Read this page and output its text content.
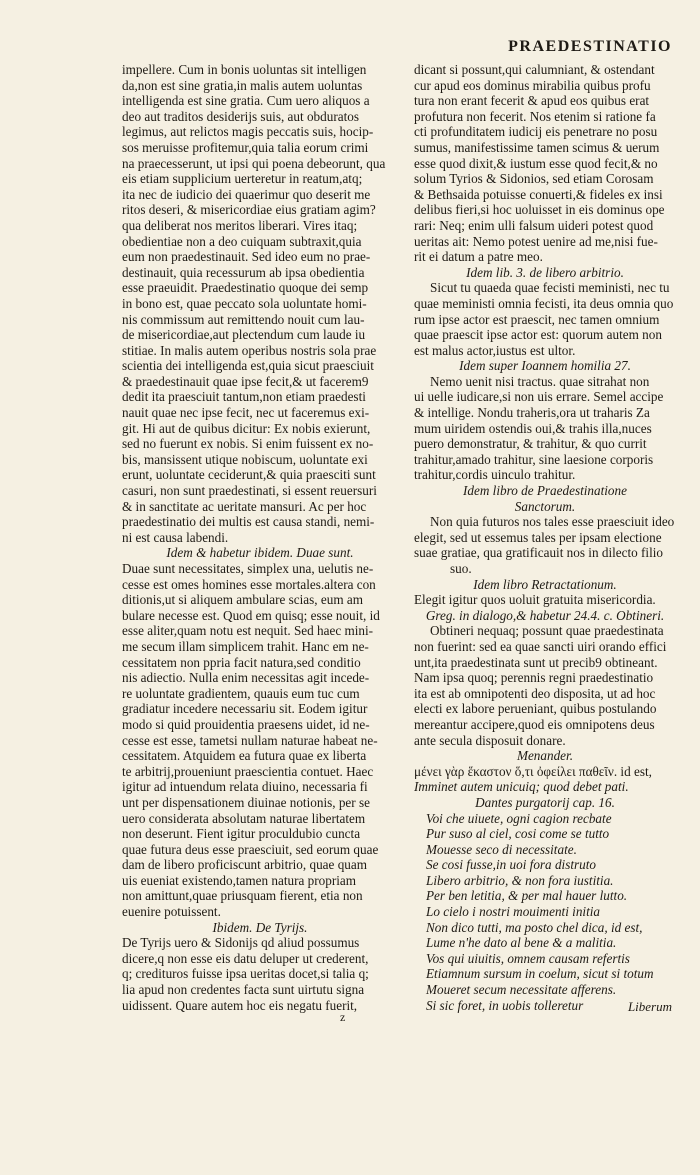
PRAEDESTINATIO
impellere. Cum in bonis uoluntas sit intelligen
da,non est sine gratia,in malis autem uoluntas
intelligenda est sine gratia. Cum uero aliquos a
deo aut traditos desiderijs suis, aut obduratos
legimus, aut relictos magis peccatis suis, hocip-
sos meruisse profitemur,quia talia eorum crimi
na praecesserunt, ut ipsi qui poena debeorunt, qua
eis etiam supplicium uerteretur in reatum,atq;
ita nec de iudicio dei quaerimur quo deserit me
ritos deseri, & misericordiae eius gratiam agim?
qua deliberat nos meritos liberari. Vires itaq;
obedientiae non a deo cuiquam subtraxit,quia
eum non praedestinauit. Sed ideo eum no prae-
destinauit, quia recessurum ab ipsa obedientia
esse praeuidit. Praedestinatio quoque dei semp
in bono est, quae peccato sola uoluntate homi-
nis commissum aut remittendo nouit cum lau-
de misericordiae,aut plectendum cum laude iu
stitiae. In malis autem operibus nostris sola prae
scientia dei intelligenda est,quia sicut praesciuit
& praedestinauit quae ipse fecit,& ut facerem9
dedit ita praesciuit tantum,non etiam praedesti
nauit quae nec ipse fecit, nec ut faceremus exi-
git. Hi aut de quibus dicitur: Ex nobis exierunt,
sed no fuerunt ex nobis. Si enim fuissent ex no-
bis, mansissent utique nobiscum, uoluntate exi
erunt, uoluntate ceciderunt,& quia praesciti sunt
casuri, non sunt praedestinati, si essent reuersuri
& in sanctitate ac ueritate mansuri. Ac per hoc
praedestinatio dei multis est causa standi, nemi-
ni est causa labendi.
Idem & habetur ibidem. Duae sunt.
Duae sunt necessitates, simplex una, uelutis ne-
cesse est omes homines esse mortales.altera con
ditionis,ut si aliquem ambulare scias, eum am
bulare necesse est. Quod em quisq; esse nouit, id
esse aliter,quam notu est nequit. Sed haec mini-
me secum illam simplicem trahit. Hanc em ne-
cessitatem non ppria facit natura,sed conditio
nis adiectio. Nulla enim necessitas agit incede-
re uoluntate gradientem, quauis eum tuc cum
gradiatur incedere necessariu sit. Eodem igitur
modo si quid prouidentia praesens uidet, id ne-
cesse est esse, tametsi nullam naturae habeat ne-
cessitatem. Atquidem ea futura quae ex liberta
te arbitrij,proueniunt praescientia contuet. Haec
igitur ad intuendum relata diuino, necessaria fi
unt per dispensationem diuinae notionis, per se
uero considerata absolutam naturae libertatem
non deserunt. Fient igitur proculdubio cuncta
quae futura deus esse praesciuit, sed eorum quae
dam de libero proficiscunt arbitrio, quae quam
uis eueniat existendo,tamen natura propriam
non amittunt,quae priusquam fierent, etia non
euenire potuissent.
Ibidem. De Tyrijs.
De Tyrijs uero & Sidonijs qd aliud possumus
dicere,q non esse eis datu deluper ut crederent,
q; credituros fuisse ipsa ueritas docet,si talia q;
lia apud non credentes facta sunt uirtutu signa
uidissent. Quare autem hoc eis negatu fuerit,
dicant si possunt,qui calumniant, & ostendant
cur apud eos dominus mirabilia quibus profu
tura non erant fecerit & apud eos quibus erat
profutura non fecerit. Nos etenim si ratione fa
cti profunditatem iudicij eis penetrare no posu
sumus, manifestissime tamen scimus & uerum
esse quod dixit,& iustum esse quod fecit,& no
solum Tyrios & Sidonios, sed etiam Corosam
& Bethsaida potuisse conuerti,& fideles ex insi
delibus fieri,si hoc uoluisset in eis dominus ope
rari: Neq; enim ulli falsum uideri potest quod
ueritas ait: Nemo potest uenire ad me,nisi fue-
rit ei datum a patre meo.
Idem lib. 3. de libero arbitrio.
Sicut tu quaeda quae fecisti meministi, nec tu
quae meministi omnia fecisti, ita deus omnia quo
rum ipse actor est praescit, nec tamen omnium
quae praescit ipse actor est: quorum autem non
est malus actor,iustus est ultor.
Idem super Ioannem homilia 27.
Nemo uenit nisi tractus. quae sitrahat non
ui uelle iudicare,si non uis errare. Semel accipe
& intellige. Nondu traheris,ora ut traharis Za
mum uiridem ostendis oui,& trahis illa,nuces
puero demonstratur, & trahitur, & quo currit
trahitur,amado trahitur, sine laesione corporis
trahitur,cordis uinculo trahitur.
Idem libro de Praedestinatione
Sanctorum.
Non quia futuros nos tales esse praesciuit ideo
elegit, sed ut essemus tales per ipsam electione
suae gratiae, qua gratificauit nos in dilecto filio
suo.
Idem libro Retractationum.
Elegit igitur quos uoluit gratuita misericordia.
Greg. in dialogo,& habetur 24.4. c. Obtineri.
Obtineri nequaq; possunt quae praedestinata
non fuerint: sed ea quae sancti uiri orando effici
unt,ita praedestinata sunt ut precib9 obtineant.
Nam ipsa quoq; perennis regni praedestinatio
ita est ab omnipotenti deo disposita, ut ad hoc
electi ex labore perueniant, quibus postulando
mereantur accipere,quod eis omnipotens deus
ante secula disposuit donare.
Menander.
μένει γὰρ ἕκαστον ὅ,τι ὀφείλει παθεῖν. id est,
Imminet autem unicuiq; quod debet pati.
Dantes purgatorij cap. 16.
Voi che uiuete, ogni cagion recbate
Pur suso al ciel, cosi come se tutto
Mouesse seco di necessitate.
Se cosi fusse,in uoi fora distruto
Libero arbitrio, & non fora iustitia.
Per ben letitia, & per mal hauer lutto.
Lo cielo i nostri mouimenti initia
Non dico tutti, ma posto chel dica, id est,
Lume n'he dato al bene & a malitia.
Vos qui uiuitis, omnem causam refertis
Etiamnum sursum in coelum, sicut si totum
Moueret secum necessitate afferens.
Si sic foret, in uobis tolleretur
z
Liberum
